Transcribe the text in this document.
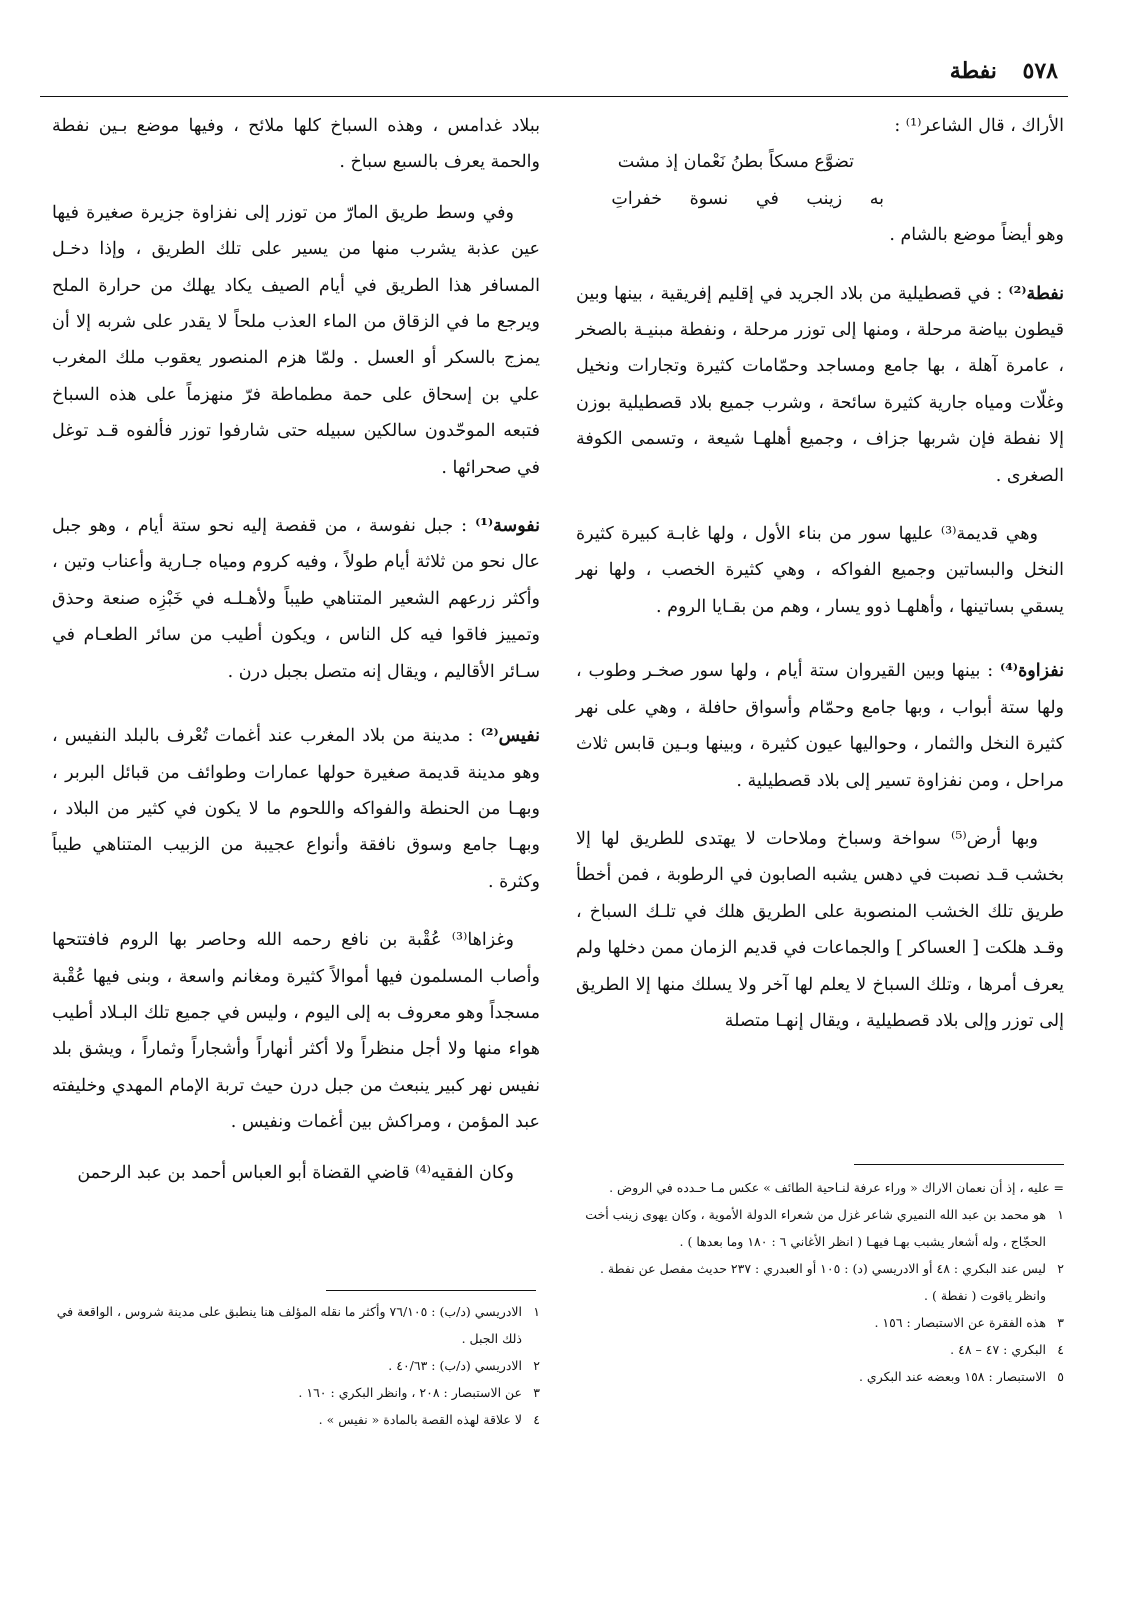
٥٧٨ نفطة

الأراك ، قال الشاعر⁽¹⁾ :

تضوَّع مسكاً بطنُ نَعْمان إذ مشت

به زينب في نسوة خفراتِ

وهو أيضاً موضع بالشام .

نفطة⁽²⁾ : في قصطيلية من بلاد الجريد في إقليم إفريقية ، بينها وبين قيطون بياضة مرحلة ، ومنها إلى توزر مرحلة ، ونفطة مبنيـة بالصخر ، عامرة آهلة ، بها جامع ومساجد وحمّامات كثيرة وتجارات ونخيل وغلّات ومياه جارية كثيرة سائحة ، وشرب جميع بلاد قصطيلية بوزن إلا نفطة فإن شربها جزاف ، وجميع أهلهـا شيعة ، وتسمى الكوفة الصغرى .

وهي قديمة⁽³⁾ عليها سور من بناء الأول ، ولها غابـة كبيرة كثيرة النخل والبساتين وجميع الفواكه ، وهي كثيرة الخصب ، ولها نهر يسقي بساتينها ، وأهلهـا ذوو يسار ، وهم من بقـايا الروم .

نفزاوة⁽⁴⁾ : بينها وبين القيروان ستة أيام ، ولها سور صخـر وطوب ، ولها ستة أبواب ، وبها جامع وحمّام وأسواق حافلة ، وهي على نهر كثيرة النخل والثمار ، وحواليها عيون كثيرة ، وبينها وبـين قابس ثلاث مراحل ، ومن نفزاوة تسير إلى بلاد قصطيلية .

وبها أرض⁽⁵⁾ سواخة وسباخ وملاحات لا يهتدى للطريق لها إلا بخشب قـد نصبت في دهس يشبه الصابون في الرطوبة ، فمن أخطأ طريق تلك الخشب المنصوبة على الطريق هلك في تلـك السباخ ، وقـد هلكت [ العساكر ] والجماعات في قديم الزمان ممن دخلها ولم يعرف أمرها ، وتلك السباخ لا يعلم لها آخر ولا يسلك منها إلا الطريق إلى توزر وإلى بلاد قصطيلية ، ويقال إنهـا متصلة

ببلاد غدامس ، وهذه السباخ كلها ملائح ، وفيها موضع بـين نفطة والحمة يعرف بالسبع سباخ .

وفي وسط طريق المارّ من توزر إلى نفزاوة جزيرة صغيرة فيها عين عذبة يشرب منها من يسير على تلك الطريق ، وإذا دخـل المسافر هذا الطريق في أيام الصيف يكاد يهلك من حرارة الملح ويرجع ما في الزقاق من الماء العذب ملحاً لا يقدر على شربه إلا أن يمزج بالسكر أو العسل . ولمّا هزم المنصور يعقوب ملك المغرب علي بن إسحاق على حمة مطماطة فرّ منهزماً على هذه السباخ فتبعه الموحّدون سالكين سبيله حتى شارفوا توزر فألفوه قـد توغل في صحرائها .

نفوسة⁽¹⁾ : جبل نفوسة ، من قفصة إليه نحو ستة أيام ، وهو جبل عال نحو من ثلاثة أيام طولاً ، وفيه كروم ومياه جـارية وأعناب وتين ، وأكثر زرعهم الشعير المتناهي طيباً ولأهـلـه في خَبْزِه صنعة وحذق وتمييز فاقوا فيه كل الناس ، ويكون أطيب من سائر الطعـام في سـائر الأقاليم ، ويقال إنه متصل بجبل درن .

نفيس⁽²⁾ : مدينة من بلاد المغرب عند أغمات تُعْرف بالبلد النفيس ، وهو مدينة قديمة صغيرة حولها عمارات وطوائف من قبائل البربر ، وبهـا من الحنطة والفواكه واللحوم ما لا يكون في كثير من البلاد ، وبهـا جامع وسوق نافقة وأنواع عجيبة من الزبيب المتناهي طيباً وكثرة .

وغزاها⁽³⁾ عُقْبة بن نافع رحمه الله وحاصر بها الروم فافتتحها وأصاب المسلمون فيها أموالاً كثيرة ومغانم واسعة ، وبنى فيها عُقْبة مسجداً وهو معروف به إلى اليوم ، وليس في جميع تلك البـلاد أطيب هواء منها ولا أجل منظراً ولا أكثر أنهاراً وأشجاراً وثماراً ، ويشق بلد نفيس نهر كبير ينبعث من جبل درن حيث تربة الإمام المهدي وخليفته عبد المؤمن ، ومراكش بين أغمات ونفيس .

وكان الفقيه⁽⁴⁾ قاضي القضاة أبو العباس أحمد بن عبد الرحمن

= عليه ، إذ أن نعمان الاراك « وراء عرفة لنـاحية الطائف » عكس مـا حـدده في الروض .

١
هو محمد بن عبد الله النميري شاعر غزل من شعراء الدولة الأموية ، وكان يهوى زينب أخت الحجّاج ، وله أشعار يشبب بهـا فيهـا ( انظر الأغاني ٦ : ١٨٠ وما بعدها ) .

٢
ليس عند البكري : ٤٨ أو الادريسي (د) : ١٠٥ أو العبدري : ٢٣٧ حديث مفصل عن نفطة . وانظر ياقوت ( نفطة ) .

٣
هذه الفقرة عن الاستبصار : ١٥٦ .

٤
البكري : ٤٧ – ٤٨ .

٥
الاستبصار : ١٥٨ وبعضه عند البكري .

١
الادريسي (د/ب) : ٧٦/١٠٥ وأكثر ما نقله المؤلف هنا ينطبق على مدينة شروس ، الواقعة في ذلك الجبل .

٢
الادريسي (د/ب) : ٤٠/٦٣ .

٣
عن الاستبصار : ٢٠٨ ، وانظر البكري : ١٦٠ .

٤
لا علاقة لهذه القصة بالمادة « نفيس » .
